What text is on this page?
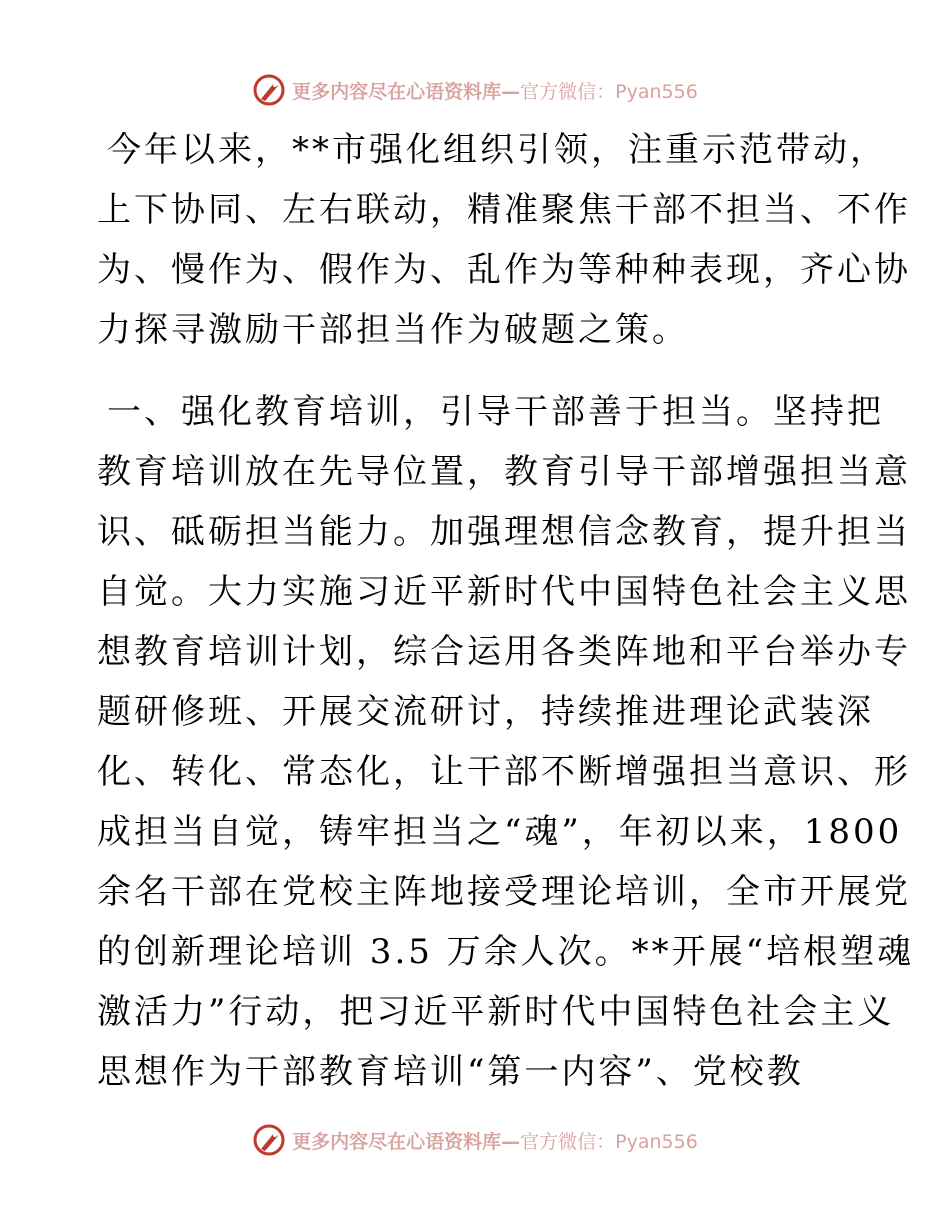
更多内容尽在心语资料库—官方微信：Pyan556
今年以来，**市强化组织引领，注重示范带动，
上下协同、左右联动，精准聚焦干部不担当、不作
为、慢作为、假作为、乱作为等种种表现，齐心协
力探寻激励干部担当作为破题之策。
一、强化教育培训，引导干部善于担当。坚持把
教育培训放在先导位置，教育引导干部增强担当意
识、砥砺担当能力。加强理想信念教育，提升担当
自觉。大力实施习近平新时代中国特色社会主义思
想教育培训计划，综合运用各类阵地和平台举办专
题研修班、开展交流研讨，持续推进理论武装深
化、转化、常态化，让干部不断增强担当意识、形
成担当自觉，铸牢担当之“魂”，年初以来，1800
余名干部在党校主阵地接受理论培训，全市开展党
的创新理论培训 3.5 万余人次。**开展“培根塑魂
激活力”行动，把习近平新时代中国特色社会主义
思想作为干部教育培训“第一内容”、党校教
更多内容尽在心语资料库—官方微信：Pyan556
